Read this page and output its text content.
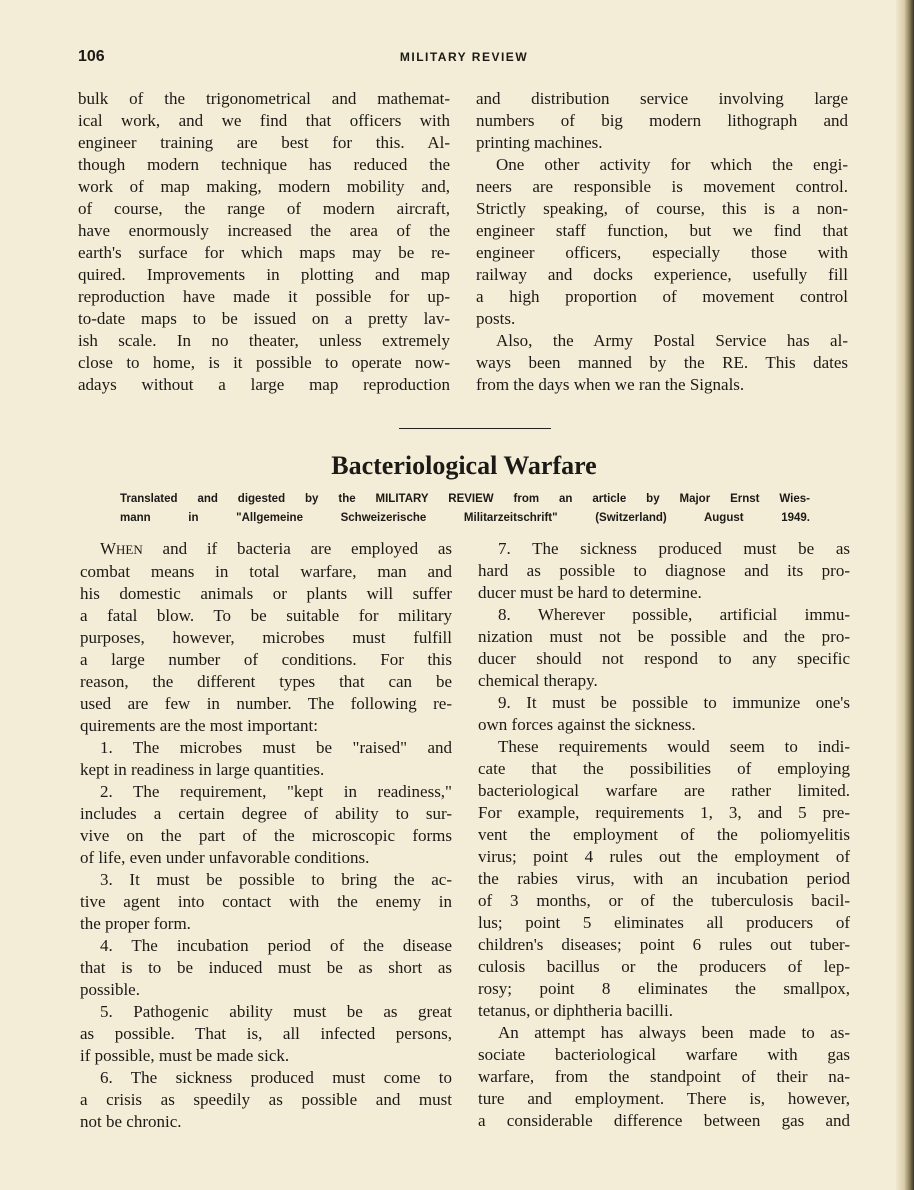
106	MILITARY REVIEW

bulk of the trigonometrical and mathemat-

ical work, and we find that officers with

engineer training are best for this. Al-

though modern technique has reduced the

work of map making, modern mobility and,

of course, the range of modern aircraft,

have enormously increased the area of the

earth's surface for which maps may be re-

quired. Improvements in plotting and map

reproduction have made it possible for up-

to-date maps to be issued on a pretty lav-

ish scale. In no theater, unless extremely

close to home, is it possible to operate now-

adays without a large map reproduction

and distribution service involving large

numbers of big modern lithograph and

printing machines.

One other activity for which the engi-

neers are responsible is movement control.

Strictly speaking, of course, this is a non-

engineer staff function, but we find that

engineer officers, especially those with

railway and docks experience, usefully fill

a high proportion of movement control

posts.

Also, the Army Postal Service has al-

ways been manned by the RE. This dates

from the days when we ran the Signals.

Bacteriological Warfare
Translated and digested by the MILITARY REVIEW from an article by Major Ernst Wies-
mann in "Allgemeine Schweizerische Militarzeitschrift" (Switzerland) August 1949.

WHEN and if bacteria are employed as

combat means in total warfare, man and

his domestic animals or plants will suffer

a fatal blow. To be suitable for military

purposes, however, microbes must fulfill

a large number of conditions. For this

reason, the different types that can be

used are few in number. The following re-

quirements are the most important:

1. The microbes must be "raised" and

kept in readiness in large quantities.

2. The requirement, "kept in readiness,"

includes a certain degree of ability to sur-

vive on the part of the microscopic forms

of life, even under unfavorable conditions.

3. It must be possible to bring the ac-

tive agent into contact with the enemy in

the proper form.

4. The incubation period of the disease

that is to be induced must be as short as

possible.

5. Pathogenic ability must be as great

as possible. That is, all infected persons,

if possible, must be made sick.

6. The sickness produced must come to

a crisis as speedily as possible and must

not be chronic.

7. The sickness produced must be as

hard as possible to diagnose and its pro-

ducer must be hard to determine.

8. Wherever possible, artificial immu-

nization must not be possible and the pro-

ducer should not respond to any specific

chemical therapy.

9. It must be possible to immunize one's

own forces against the sickness.

These requirements would seem to indi-

cate that the possibilities of employing

bacteriological warfare are rather limited.

For example, requirements 1, 3, and 5 pre-

vent the employment of the poliomyelitis

virus; point 4 rules out the employment of

the rabies virus, with an incubation period

of 3 months, or of the tuberculosis bacil-

lus; point 5 eliminates all producers of

children's diseases; point 6 rules out tuber-

culosis bacillus or the producers of lep-

rosy; point 8 eliminates the smallpox,

tetanus, or diphtheria bacilli.

An attempt has always been made to as-

sociate bacteriological warfare with gas

warfare, from the standpoint of their na-

ture and employment. There is, however,

a considerable difference between gas and
